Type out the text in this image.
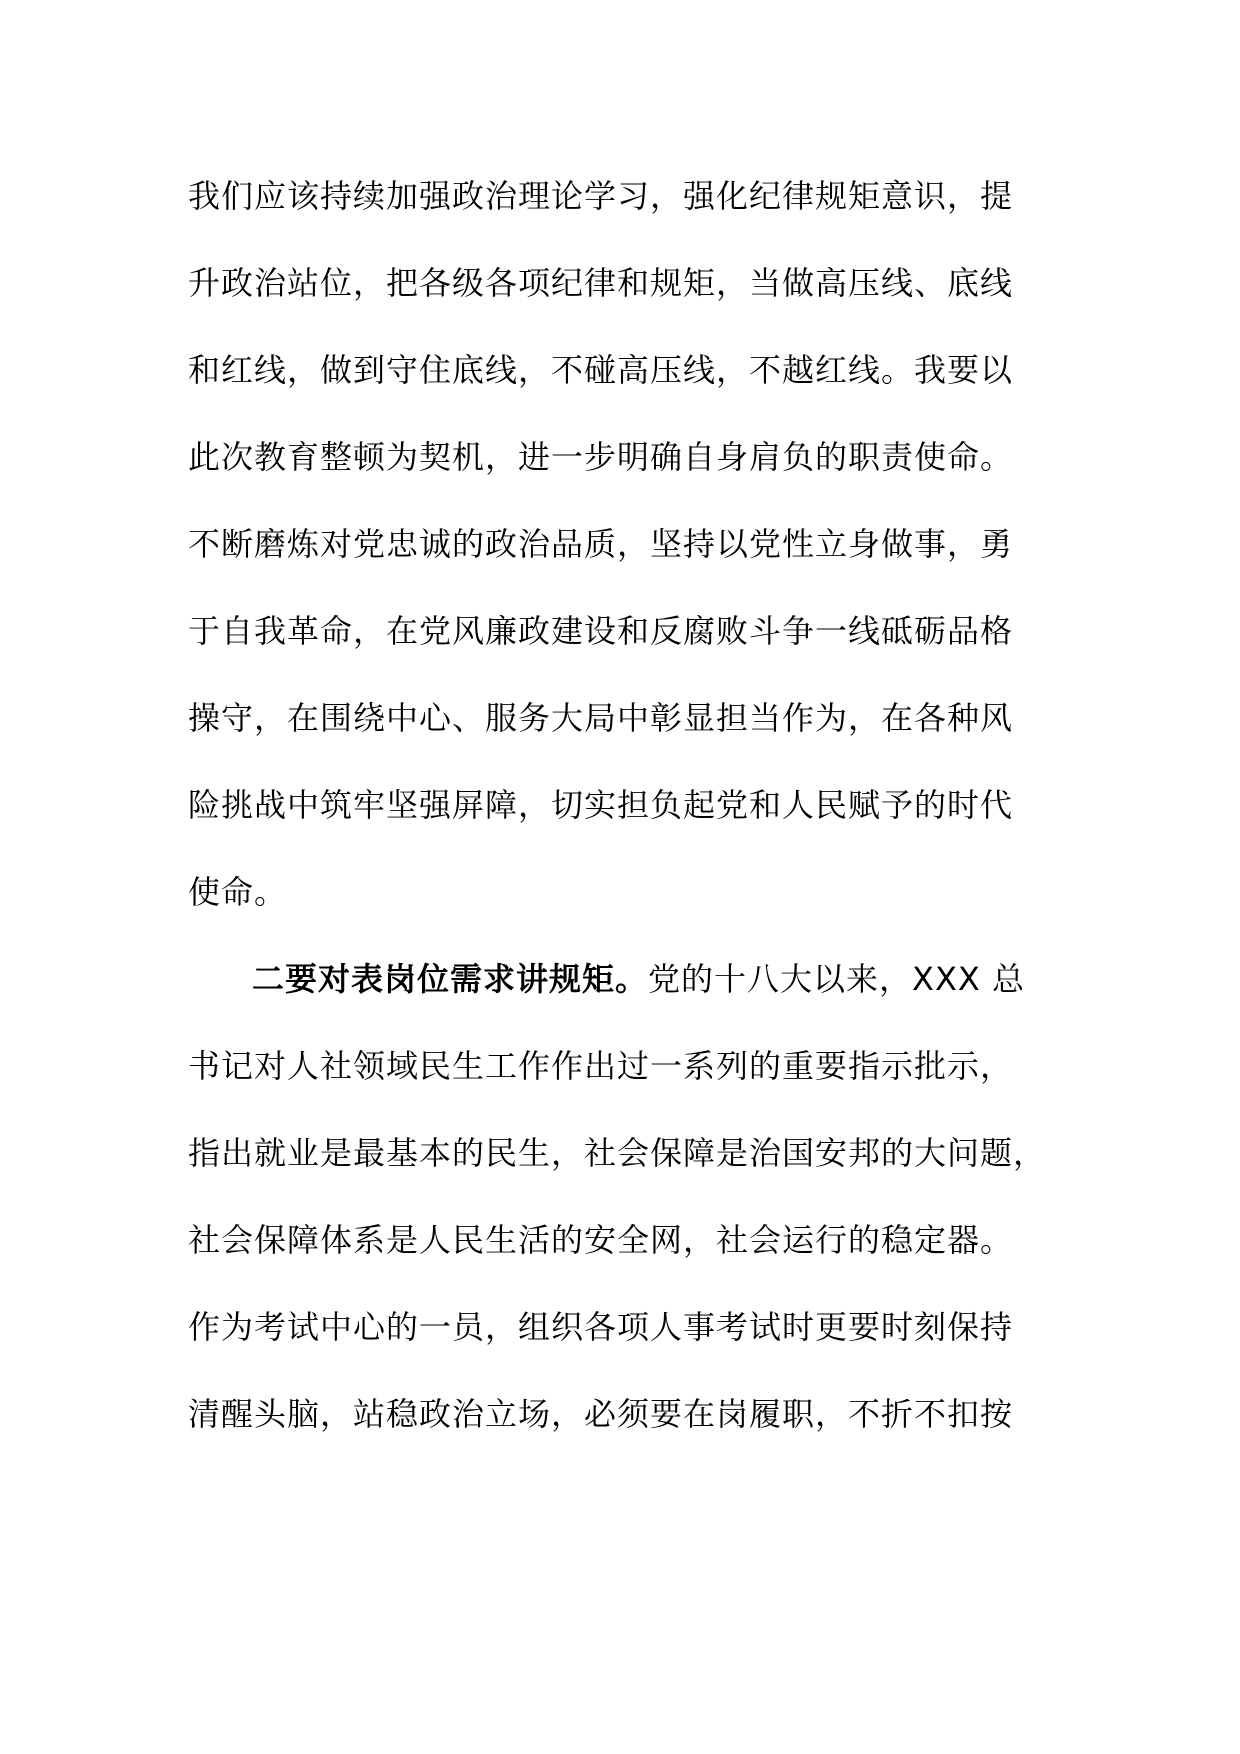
我们应该持续加强政治理论学习，强化纪律规矩意识，提
升政治站位，把各级各项纪律和规矩，当做高压线、底线
和红线，做到守住底线，不碰高压线，不越红线。我要以
此次教育整顿为契机，进一步明确自身肩负的职责使命。
不断磨炼对党忠诚的政治品质，坚持以党性立身做事，勇
于自我革命，在党风廉政建设和反腐败斗争一线砥砺品格
操守，在围绕中心、服务大局中彰显担当作为，在各种风
险挑战中筑牢坚强屏障，切实担负起党和人民赋予的时代
使命。
二要对表岗位需求讲规矩。党的十八大以来，XXX 总
书记对人社领域民生工作作出过一系列的重要指示批示，
指出就业是最基本的民生，社会保障是治国安邦的大问题，
社会保障体系是人民生活的安全网，社会运行的稳定器。
作为考试中心的一员，组织各项人事考试时更要时刻保持
清醒头脑，站稳政治立场，必须要在岗履职，不折不扣按
